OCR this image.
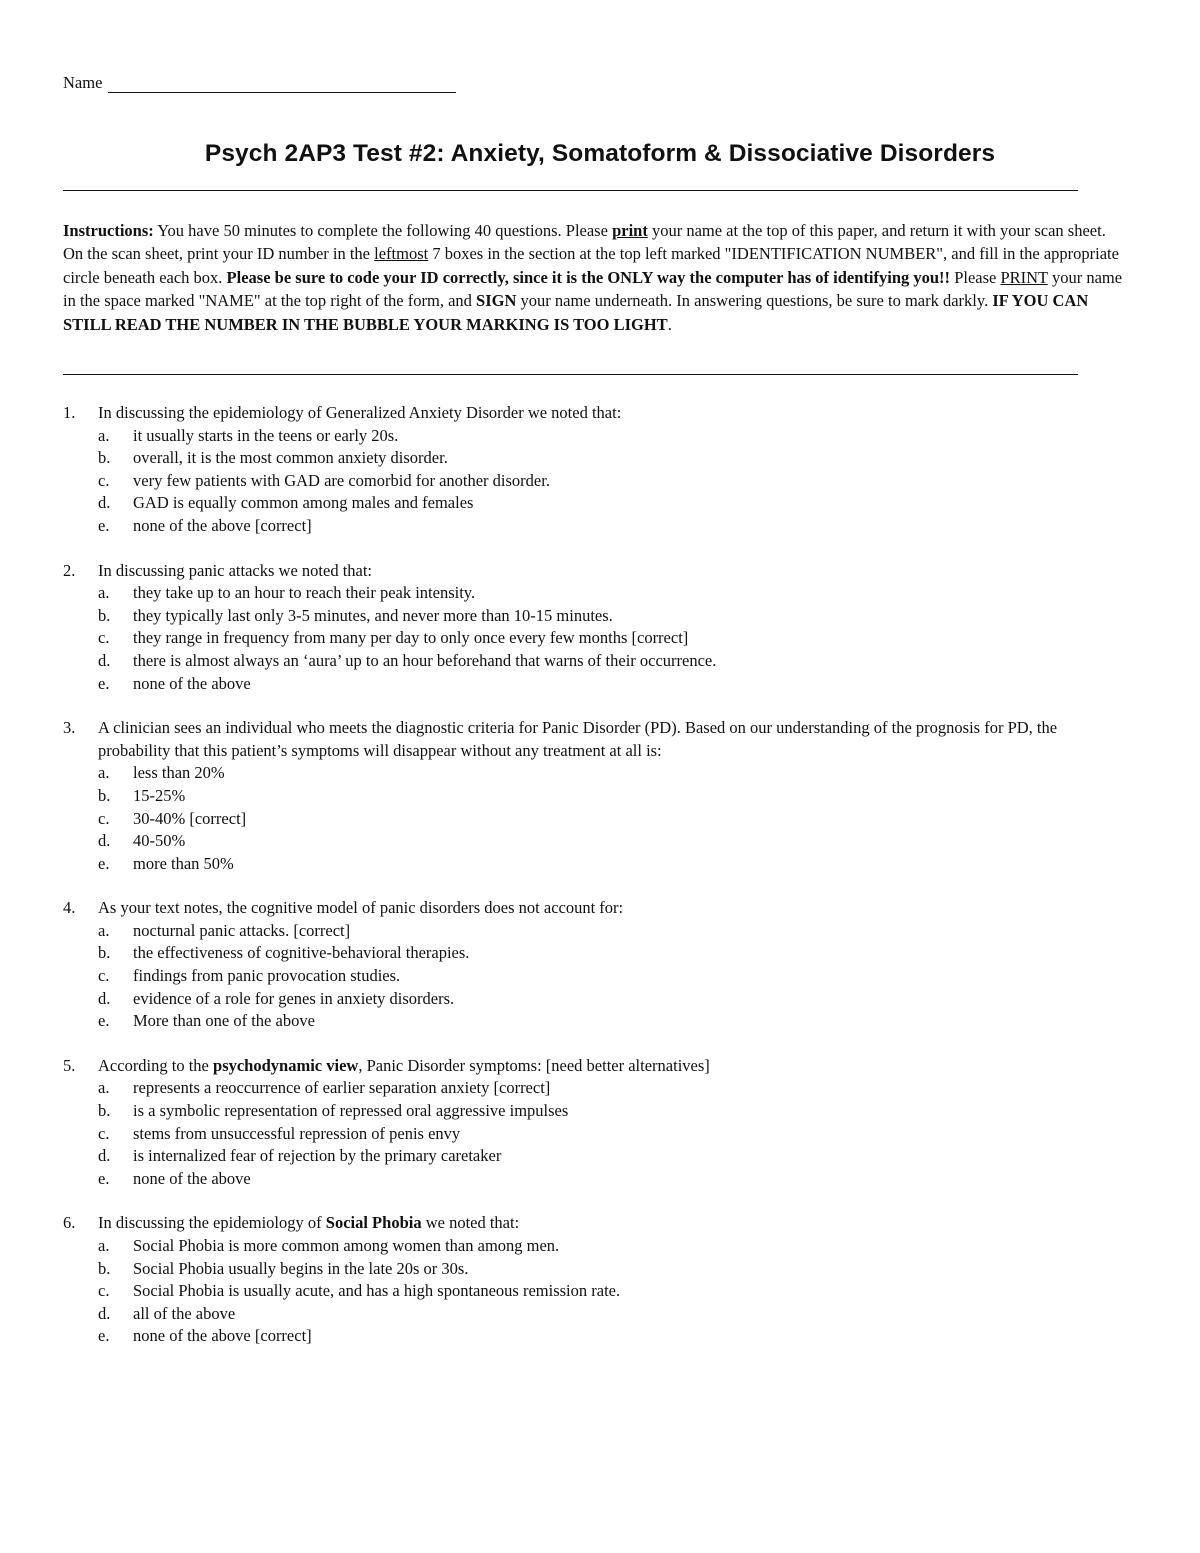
Name
Psych 2AP3 Test #2: Anxiety, Somatoform & Dissociative Disorders
Instructions: You have 50 minutes to complete the following 40 questions. Please print your name at the top of this paper, and return it with your scan sheet. On the scan sheet, print your ID number in the leftmost 7 boxes in the section at the top left marked "IDENTIFICATION NUMBER", and fill in the appropriate circle beneath each box. Please be sure to code your ID correctly, since it is the ONLY way the computer has of identifying you!! Please PRINT your name in the space marked "NAME" at the top right of the form, and SIGN your name underneath. In answering questions, be sure to mark darkly. IF YOU CAN STILL READ THE NUMBER IN THE BUBBLE YOUR MARKING IS TOO LIGHT.
1.	In discussing the epidemiology of Generalized Anxiety Disorder we noted that:
a.	it usually starts in the teens or early 20s.
b.	overall, it is the most common anxiety disorder.
c.	very few patients with GAD are comorbid for another disorder.
d.	GAD is equally common among males and females
e.	none of the above [correct]
2.	In discussing panic attacks we noted that:
a.	they take up to an hour to reach their peak intensity.
b.	they typically last only 3-5 minutes, and never more than 10-15 minutes.
c.	they range in frequency from many per day to only once every few months [correct]
d.	there is almost always an ‘aura’ up to an hour beforehand that warns of their occurrence.
e.	none of the above
3.	A clinician sees an individual who meets the diagnostic criteria for Panic Disorder (PD). Based on our understanding of the prognosis for PD, the probability that this patient’s symptoms will disappear without any treatment at all is:
a.	less than 20%
b.	15-25%
c.	30-40% [correct]
d.	40-50%
e.	more than 50%
4.	As your text notes, the cognitive model of panic disorders does not account for:
a.	nocturnal panic attacks. [correct]
b.	the effectiveness of cognitive-behavioral therapies.
c.	findings from panic provocation studies.
d.	evidence of a role for genes in anxiety disorders.
e.	More than one of the above
5.	According to the psychodynamic view, Panic Disorder symptoms: [need better alternatives]
a.	represents a reoccurrence of earlier separation anxiety [correct]
b.	is a symbolic representation of repressed oral aggressive impulses
c.	stems from unsuccessful repression of penis envy
d.	is internalized fear of rejection by the primary caretaker
e.	none of the above
6.	In discussing the epidemiology of Social Phobia we noted that:
a.	Social Phobia is more common among women than among men.
b.	Social Phobia usually begins in the late 20s or 30s.
c.	Social Phobia is usually acute, and has a high spontaneous remission rate.
d.	all of the above
e.	none of the above [correct]
